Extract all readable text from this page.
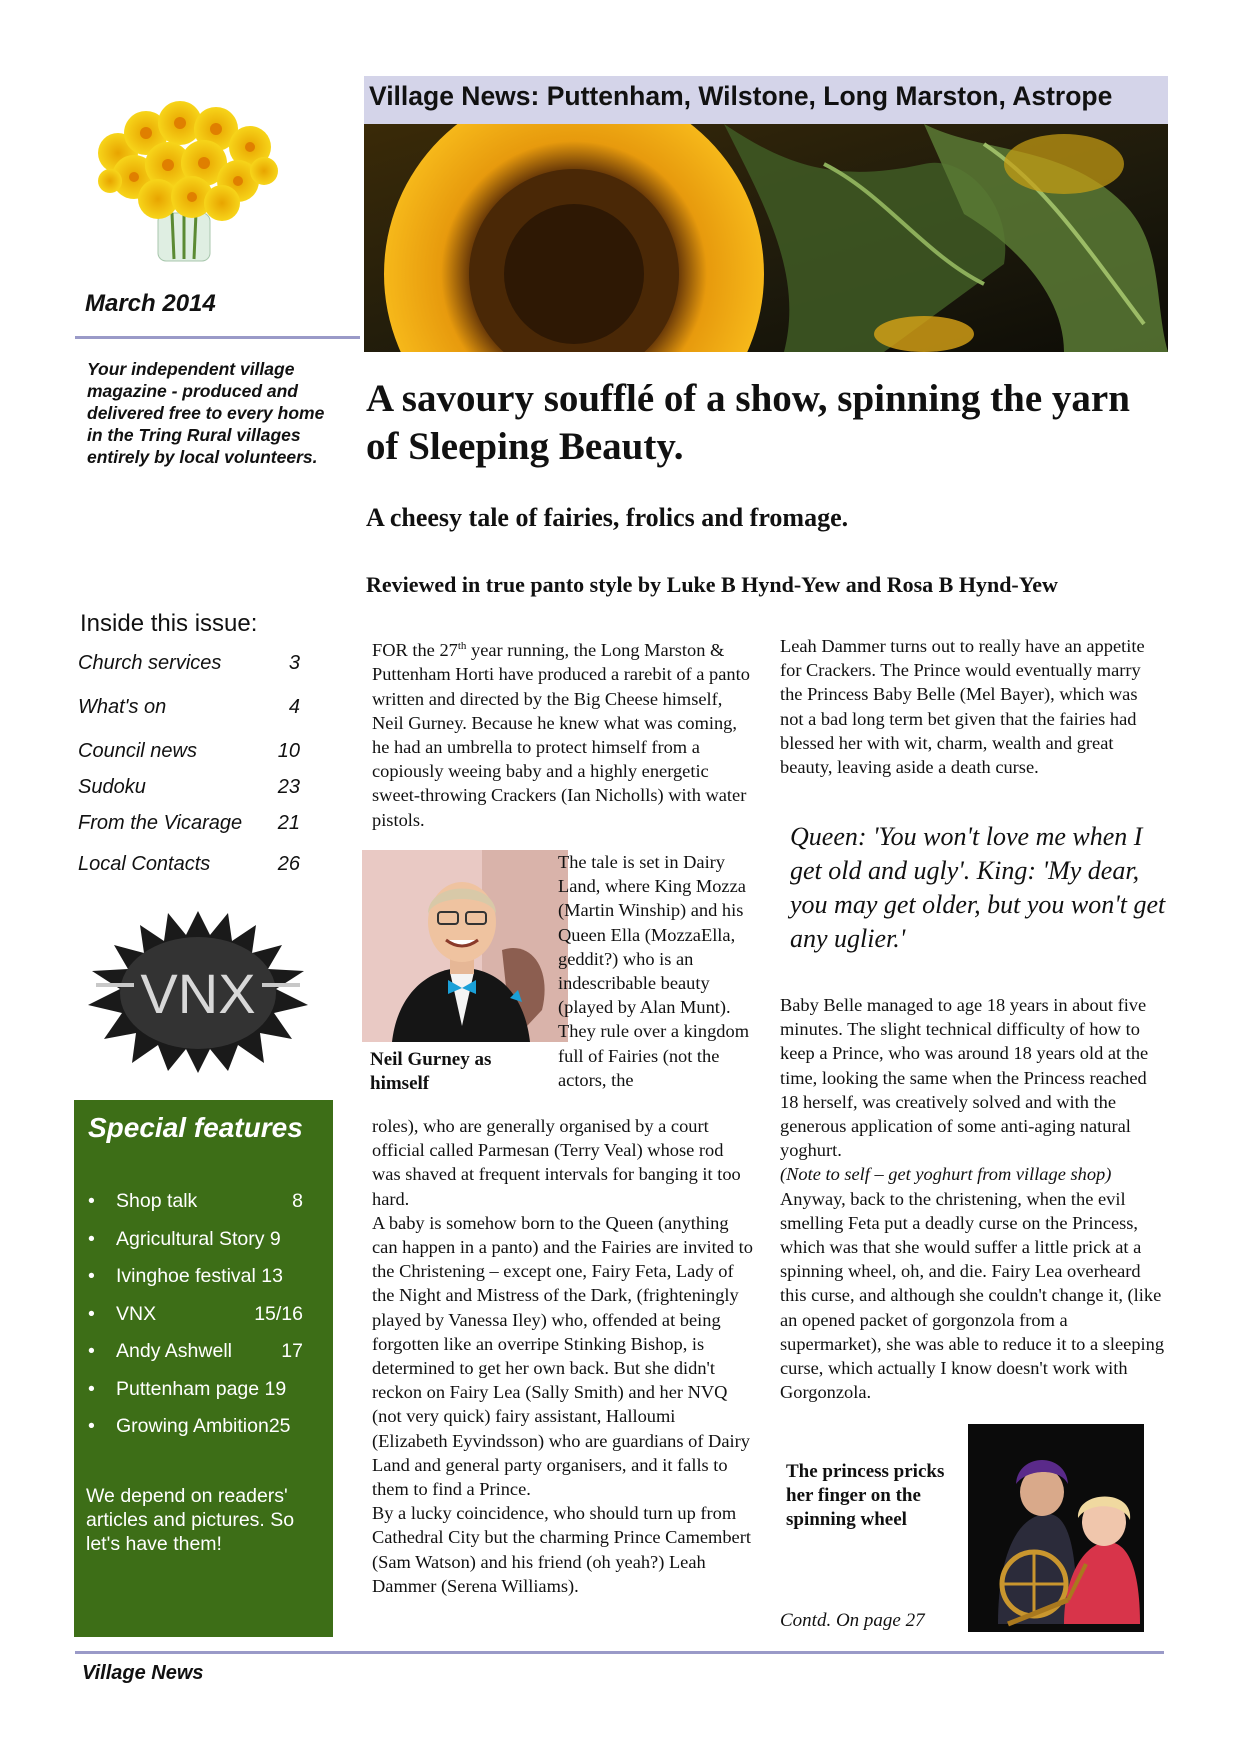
March 2014
Your independent village magazine - produced and delivered free to every home in the Tring Rural villages entirely by local volunteers.
Inside this issue:
Church services	3
What's on	4
Council news	10
Sudoku	23
From the Vicarage 21
Local Contacts	26
VNX
Special features
• Shop talk	8
• Agricultural Story 9
• Ivinghoe festival 13
• VNX	15/16
• Andy Ashwell	17
• Puttenham page 19
• Growing Ambition25
We depend on readers' articles and pictures. So let's have them!
Village News: Puttenham, Wilstone, Long Marston, Astrope
A savoury soufflé of a show, spinning the yarn of Sleeping Beauty.
A cheesy tale of fairies, frolics and fromage.
Reviewed in true panto style by Luke B Hynd-Yew and Rosa B Hynd-Yew

FOR the 27th year running, the Long Marston & Puttenham Horti have produced a rarebit of a panto written and directed by the Big Cheese himself, Neil Gurney. Because he knew what was coming, he had an umbrella to protect himself from a copiously weeing baby and a highly energetic sweet-throwing Crackers (Ian Nicholls) with water pistols.

Neil Gurney as himself

The tale is set in Dairy Land, where King Mozza (Martin Winship) and his Queen Ella (MozzaElla, geddit?) who is an indescribable beauty (played by Alan Munt). They rule over a kingdom full of Fairies (not the actors, the

roles), who are generally organised by a court official called Parmesan (Terry Veal) whose rod was shaved at frequent intervals for banging it too hard.

A baby is somehow born to the Queen (anything can happen in a panto) and the Fairies are invited to the Christening – except one, Fairy Feta, Lady of the Night and Mistress of the Dark, (frighteningly played by Vanessa Iley) who, offended at being forgotten like an overripe Stinking Bishop, is determined to get her own back. But she didn't reckon on Fairy Lea (Sally Smith) and her NVQ (not very quick) fairy assistant, Halloumi (Elizabeth Eyvindsson) who are guardians of Dairy Land and general party organisers, and it falls to them to find a Prince.

By a lucky coincidence, who should turn up from Cathedral City but the charming Prince Camembert (Sam Watson) and his friend (oh yeah?) Leah Dammer (Serena Williams).

Leah Dammer turns out to really have an appetite for Crackers. The Prince would eventually marry the Princess Baby Belle (Mel Bayer), which was not a bad long term bet given that the fairies had blessed her with wit, charm, wealth and great beauty, leaving aside a death curse.

Queen: 'You won't love me when I get old and ugly'. King: 'My dear, you may get older, but you won't get any uglier.'

Baby Belle managed to age 18 years in about five minutes. The slight technical difficulty of how to keep a Prince, who was around 18 years old at the time, looking the same when the Princess reached 18 herself, was creatively solved and with the generous application of some anti-aging natural yoghurt.

(Note to self – get yoghurt from village shop)

Anyway, back to the christening, when the evil smelling Feta put a deadly curse on the Princess, which was that she would suffer a little prick at a spinning wheel, oh, and die. Fairy Lea overheard this curse, and although she couldn't change it, (like an opened packet of gorgonzola from a supermarket), she was able to reduce it to a sleeping curse, which actually I know doesn't work with Gorgonzola.

The princess pricks her finger on the spinning wheel
Contd. On page 27
Village News
